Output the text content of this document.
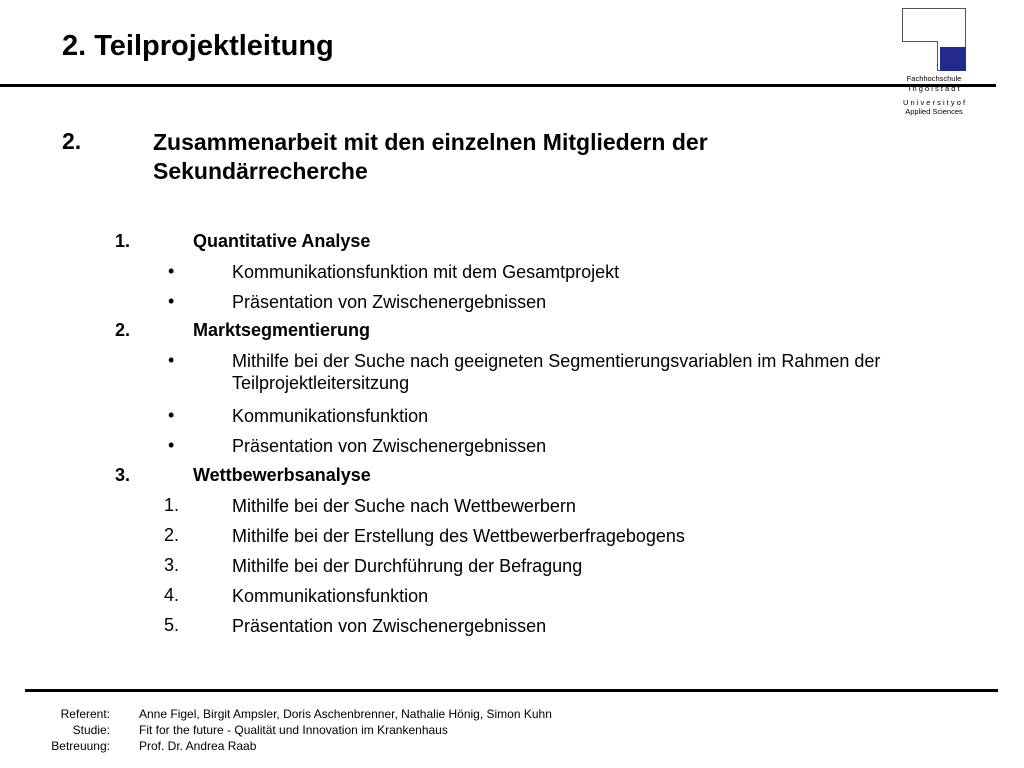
2. Teilprojektleitung
Fachhochschule
I n g o l s t a d t
U n i v e r s i t y o f
Applied Sciences
2.	Zusammenarbeit mit den einzelnen Mitgliedern der Sekundärrecherche
1.	Quantitative Analyse
•	Kommunikationsfunktion mit dem Gesamtprojekt
•	Präsentation von Zwischenergebnissen
2.	Marktsegmentierung
•	Mithilfe bei der Suche nach geeigneten Segmentierungsvariablen im Rahmen der Teilprojektleitersitzung
•	Kommunikationsfunktion
•	Präsentation von Zwischenergebnissen
3.	Wettbewerbsanalyse
1.	Mithilfe bei der Suche nach Wettbewerbern
2.	Mithilfe bei der Erstellung des Wettbewerberfragebogens
3.	Mithilfe bei der Durchführung der Befragung
4.	Kommunikationsfunktion
5.	Präsentation von Zwischenergebnissen
Referent: Anne Figel, Birgit Ampsler, Doris Aschenbrenner, Nathalie Hönig, Simon Kuhn
Studie: Fit for the future - Qualität und Innovation im Krankenhaus
Betreuung: Prof. Dr. Andrea Raab
